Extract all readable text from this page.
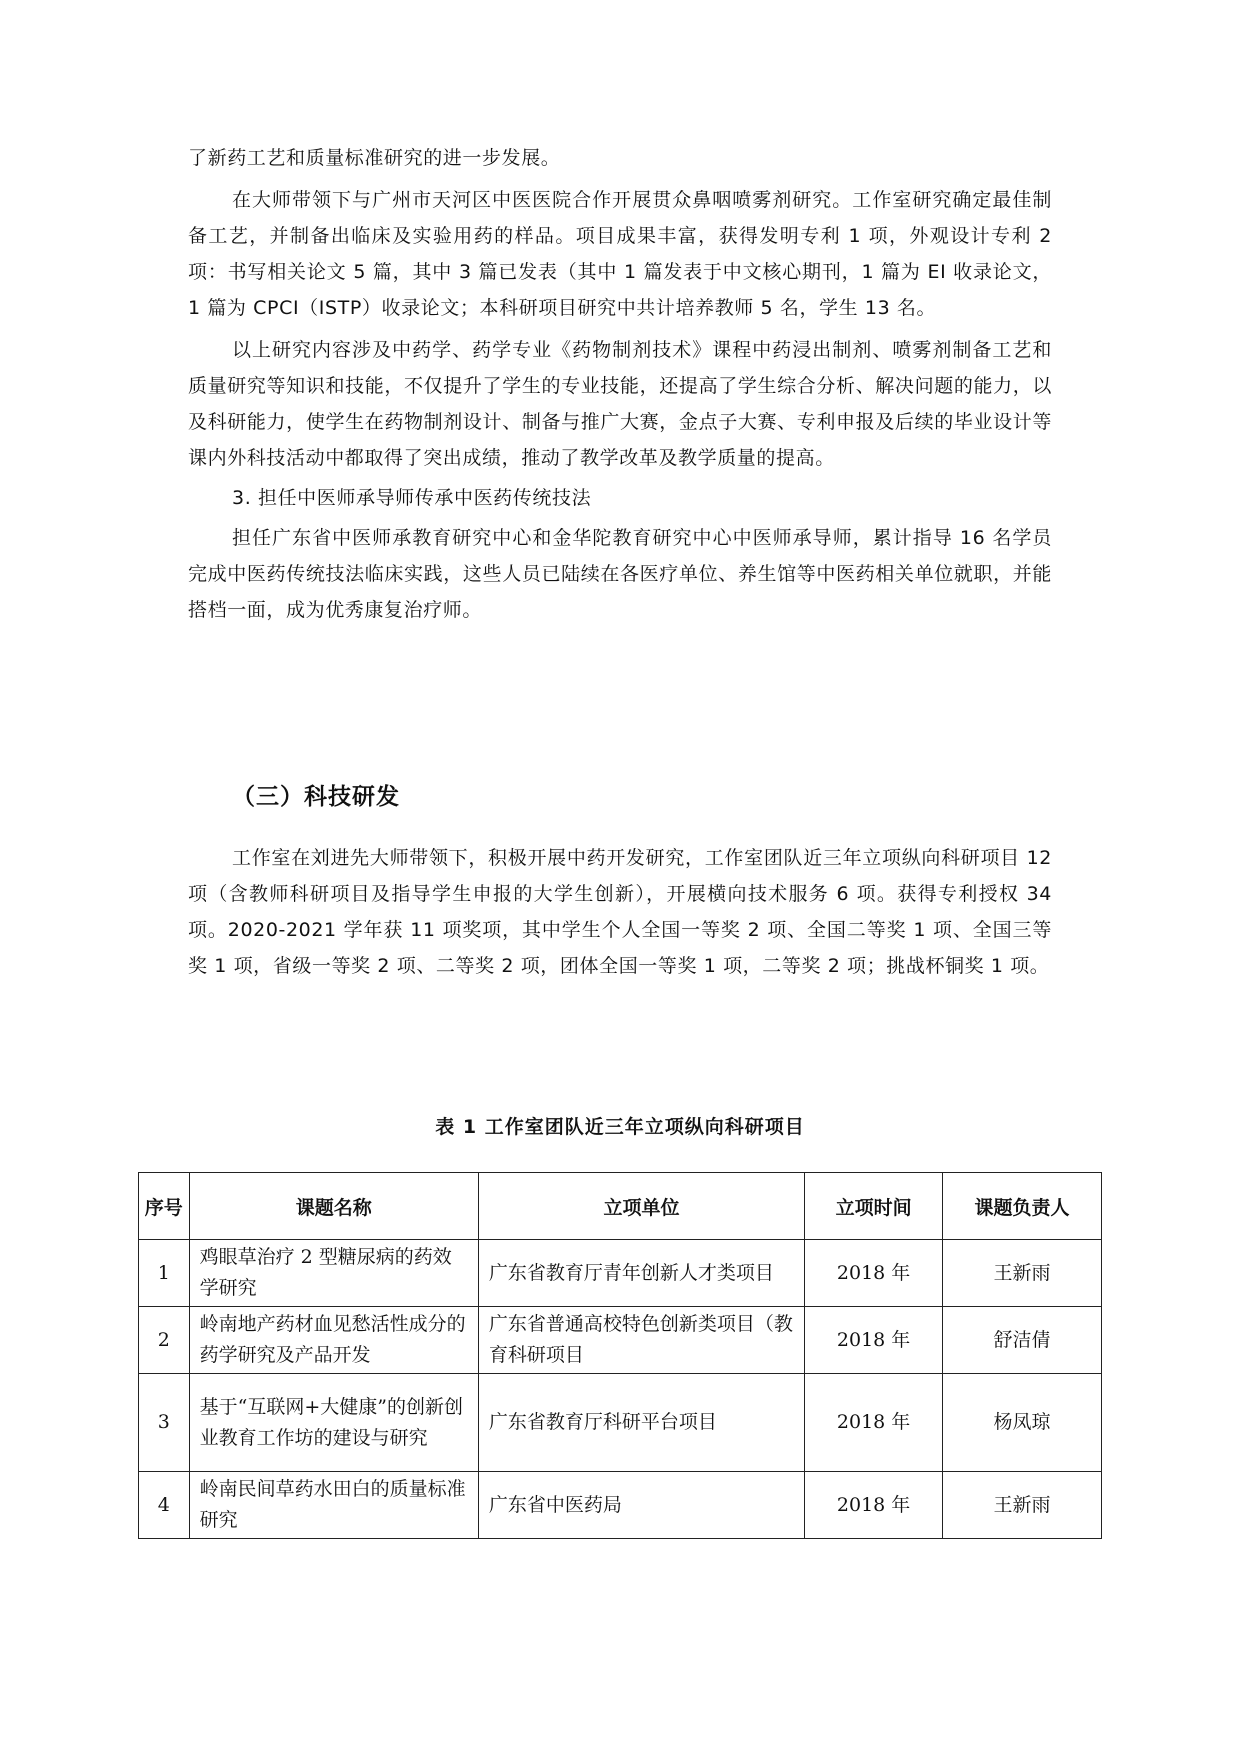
了新药工艺和质量标准研究的进一步发展。

在大师带领下与广州市天河区中医医院合作开展贯众鼻咽喷雾剂研究。工作室研究确定最佳制备工艺，并制备出临床及实验用药的样品。项目成果丰富，获得发明专利 1 项，外观设计专利 2 项：书写相关论文 5 篇，其中 3 篇已发表（其中 1 篇发表于中文核心期刊，1 篇为 EI 收录论文，1 篇为 CPCI（ISTP）收录论文；本科研项目研究中共计培养教师 5 名，学生 13 名。

以上研究内容涉及中药学、药学专业《药物制剂技术》课程中药浸出制剂、喷雾剂制备工艺和质量研究等知识和技能，不仅提升了学生的专业技能，还提高了学生综合分析、解决问题的能力，以及科研能力，使学生在药物制剂设计、制备与推广大赛，金点子大赛、专利申报及后续的毕业设计等课内外科技活动中都取得了突出成绩，推动了教学改革及教学质量的提高。

3. 担任中医师承导师传承中医药传统技法

担任广东省中医师承教育研究中心和金华陀教育研究中心中医师承导师，累计指导 16 名学员完成中医药传统技法临床实践，这些人员已陆续在各医疗单位、养生馆等中医药相关单位就职，并能搭档一面，成为优秀康复治疗师。

（三）科技研发

工作室在刘进先大师带领下，积极开展中药开发研究，工作室团队近三年立项纵向科研项目 12 项（含教师科研项目及指导学生申报的大学生创新），开展横向技术服务 6 项。获得专利授权 34 项。2020-2021 学年获 11 项奖项，其中学生个人全国一等奖 2 项、全国二等奖 1 项、全国三等奖 1 项，省级一等奖 2 项、二等奖 2 项，团体全国一等奖 1 项，二等奖 2 项；挑战杯铜奖 1 项。

表 1 工作室团队近三年立项纵向科研项目
序号	课题名称	立项单位	立项时间	课题负责人
1	鸡眼草治疗 2 型糖尿病的药效学研究	广东省教育厅青年创新人才类项目	2018 年	王新雨
2	岭南地产药材血见愁活性成分的药学研究及产品开发	广东省普通高校特色创新类项目（教育科研项目	2018 年	舒洁倩
3	基于“互联网+大健康”的创新创业教育工作坊的建设与研究	广东省教育厅科研平台项目	2018 年	杨凤琼
4	岭南民间草药水田白的质量标准研究	广东省中医药局	2018 年	王新雨
